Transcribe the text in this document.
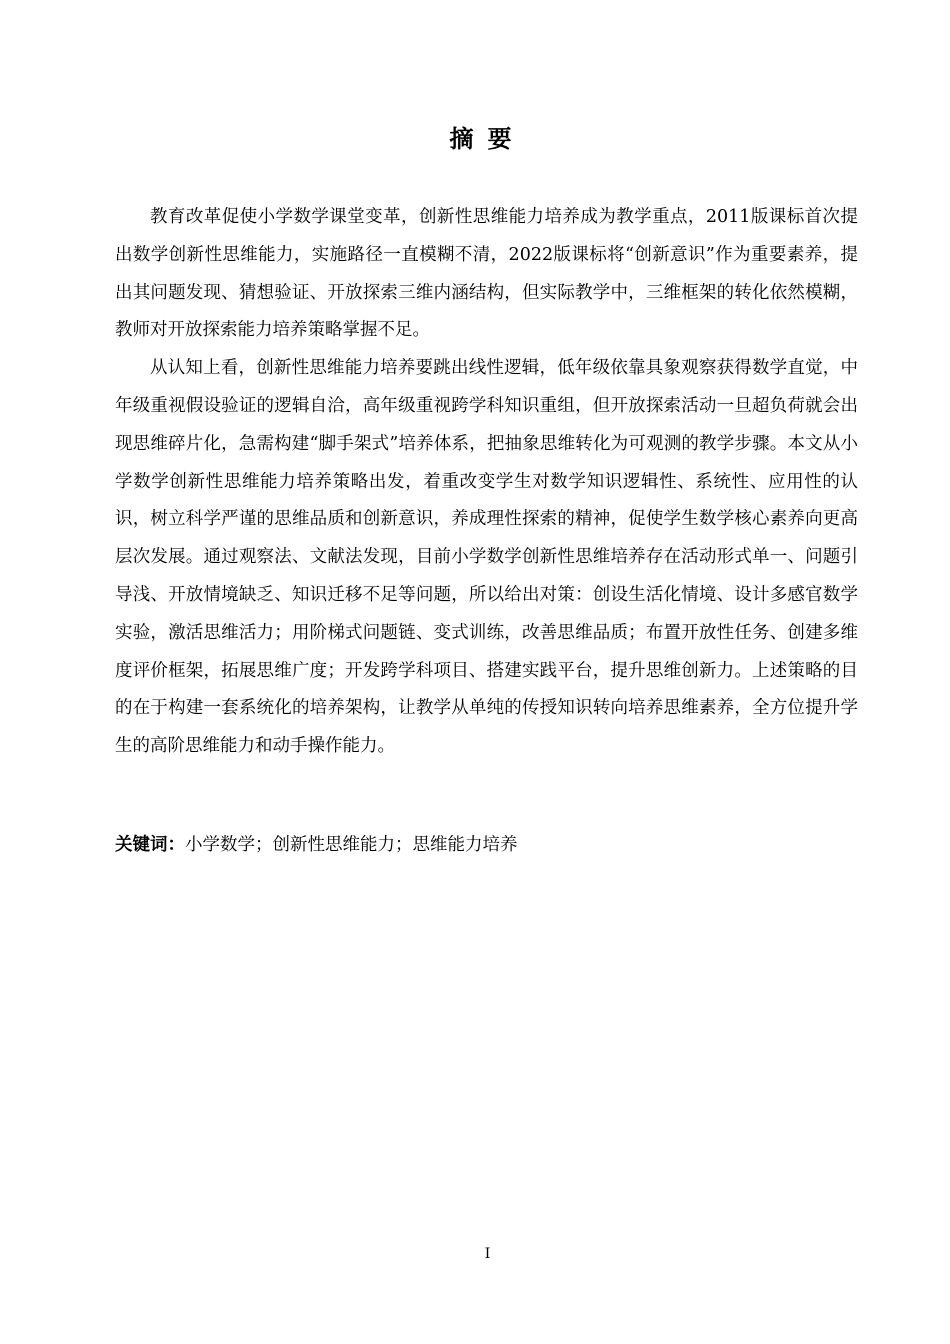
摘要

教育改革促使小学数学课堂变革，创新性思维能力培养成为教学重点，2011版课标首次提出数学创新性思维能力，实施路径一直模糊不清，2022版课标将“创新意识”作为重要素养，提出其问题发现、猜想验证、开放探索三维内涵结构，但实际教学中，三维框架的转化依然模糊，教师对开放探索能力培养策略掌握不足。

从认知上看，创新性思维能力培养要跳出线性逻辑，低年级依靠具象观察获得数学直觉，中年级重视假设验证的逻辑自洽，高年级重视跨学科知识重组，但开放探索活动一旦超负荷就会出现思维碎片化，急需构建“脚手架式”培养体系，把抽象思维转化为可观测的教学步骤。本文从小学数学创新性思维能力培养策略出发，着重改变学生对数学知识逻辑性、系统性、应用性的认识，树立科学严谨的思维品质和创新意识，养成理性探索的精神，促使学生数学核心素养向更高层次发展。通过观察法、文献法发现，目前小学数学创新性思维培养存在活动形式单一、问题引导浅、开放情境缺乏、知识迁移不足等问题，所以给出对策：创设生活化情境、设计多感官数学实验，激活思维活力；用阶梯式问题链、变式训练，改善思维品质；布置开放性任务、创建多维度评价框架，拓展思维广度；开发跨学科项目、搭建实践平台，提升思维创新力。上述策略的目的在于构建一套系统化的培养架构，让教学从单纯的传授知识转向培养思维素养，全方位提升学生的高阶思维能力和动手操作能力。

关键词：小学数学；创新性思维能力；思维能力培养

I
